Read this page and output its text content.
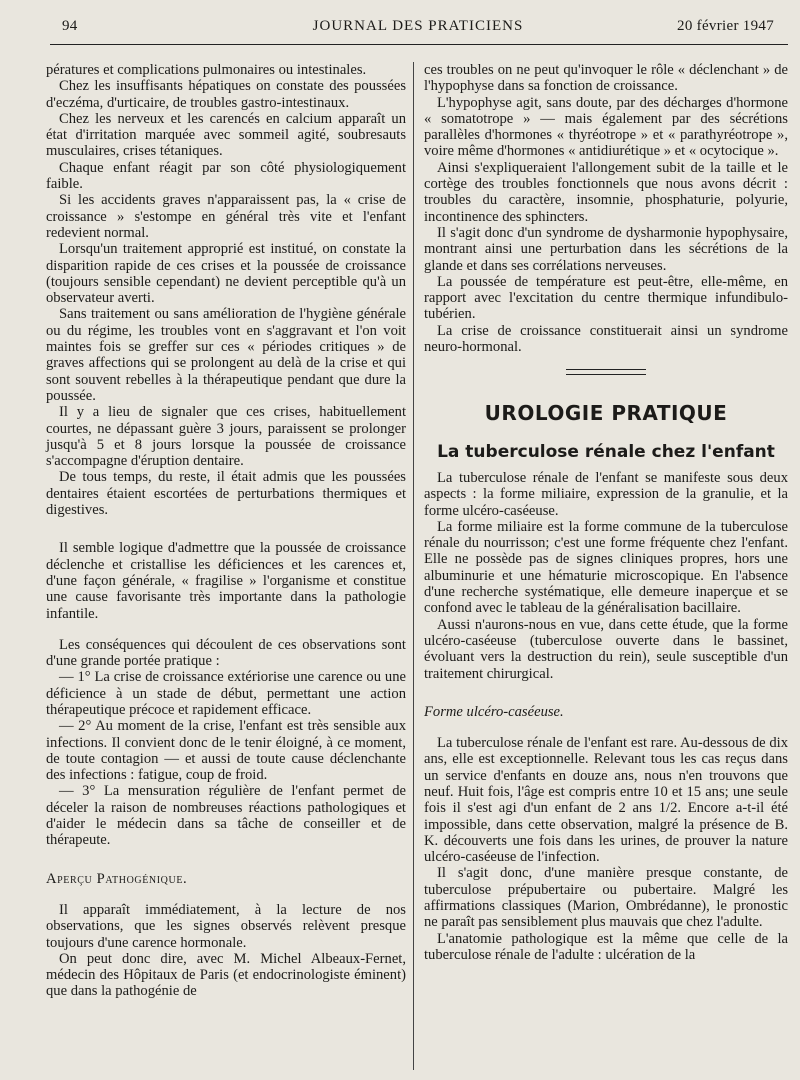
94	JOURNAL DES PRATICIENS	20 février 1947

pératures et complications pulmonaires ou intestinales.

Chez les insuffisants hépatiques on constate des poussées d'eczéma, d'urticaire, de troubles gastro-intestinaux.

Chez les nerveux et les carencés en calcium apparaît un état d'irritation marquée avec sommeil agité, soubresauts musculaires, crises tétaniques.

Chaque enfant réagit par son côté physiologiquement faible.

Si les accidents graves n'apparaissent pas, la « crise de croissance » s'estompe en général très vite et l'enfant redevient normal.

Lorsqu'un traitement approprié est institué, on constate la disparition rapide de ces crises et la poussée de croissance (toujours sensible cependant) ne devient perceptible qu'à un observateur averti.

Sans traitement ou sans amélioration de l'hygiène générale ou du régime, les troubles vont en s'aggravant et l'on voit maintes fois se greffer sur ces « périodes critiques » de graves affections qui se prolongent au delà de la crise et qui sont souvent rebelles à la thérapeutique pendant que dure la poussée.

Il y a lieu de signaler que ces crises, habituellement courtes, ne dépassant guère 3 jours, paraissent se prolonger jusqu'à 5 et 8 jours lorsque la poussée de croissance s'accompagne d'éruption dentaire.

De tous temps, du reste, il était admis que les poussées dentaires étaient escortées de perturbations thermiques et digestives.

Il semble logique d'admettre que la poussée de croissance déclenche et cristallise les déficiences et les carences et, d'une façon générale, « fragilise » l'organisme et constitue une cause favorisante très importante dans la pathologie infantile.

Les conséquences qui découlent de ces observations sont d'une grande portée pratique :

— 1° La crise de croissance extériorise une carence ou une déficience à un stade de début, permettant une action thérapeutique précoce et rapidement efficace.

— 2° Au moment de la crise, l'enfant est très sensible aux infections. Il convient donc de le tenir éloigné, à ce moment, de toute contagion — et aussi de toute cause déclenchante des infections : fatigue, coup de froid.

— 3° La mensuration régulière de l'enfant permet de déceler la raison de nombreuses réactions pathologiques et d'aider le médecin dans sa tâche de conseiller et de thérapeute.

Aperçu Pathogénique.

Il apparaît immédiatement, à la lecture de nos observations, que les signes observés relèvent presque toujours d'une carence hormonale.

On peut donc dire, avec M. Michel Albeaux-Fernet, médecin des Hôpitaux de Paris (et endocrinologiste éminent) que dans la pathogénie de

ces troubles on ne peut qu'invoquer le rôle « déclenchant » de l'hypophyse dans sa fonction de croissance.

L'hypophyse agit, sans doute, par des décharges d'hormone « somatotrope » — mais également par des sécrétions parallèles d'hormones « thyréotrope » et « parathyréotrope », voire même d'hormones « antidiurétique » et « ocytocique ».

Ainsi s'expliqueraient l'allongement subit de la taille et le cortège des troubles fonctionnels que nous avons décrit : troubles du caractère, insomnie, phosphaturie, polyurie, incontinence des sphincters.

Il s'agit donc d'un syndrome de dysharmonie hypophysaire, montrant ainsi une perturbation dans les sécrétions de la glande et dans ses corrélations nerveuses.

La poussée de température est peut-être, elle-même, en rapport avec l'excitation du centre thermique infundibulo-tubérien.

La crise de croissance constituerait ainsi un syndrome neuro-hormonal.

UROLOGIE PRATIQUE
La tuberculose rénale chez l'enfant

La tuberculose rénale de l'enfant se manifeste sous deux aspects : la forme miliaire, expression de la granulie, et la forme ulcéro-caséeuse.

La forme miliaire est la forme commune de la tuberculose rénale du nourrisson; c'est une forme fréquente chez l'enfant. Elle ne possède pas de signes cliniques propres, hors une albuminurie et une hématurie microscopique. En l'absence d'une recherche systématique, elle demeure inaperçue et se confond avec le tableau de la généralisation bacillaire.

Aussi n'aurons-nous en vue, dans cette étude, que la forme ulcéro-caséeuse (tuberculose ouverte dans le bassinet, évoluant vers la destruction du rein), seule susceptible d'un traitement chirurgical.

Forme ulcéro-caséeuse.

La tuberculose rénale de l'enfant est rare. Au-dessous de dix ans, elle est exceptionnelle. Relevant tous les cas reçus dans un service d'enfants en douze ans, nous n'en trouvons que neuf. Huit fois, l'âge est compris entre 10 et 15 ans; une seule fois il s'est agi d'un enfant de 2 ans 1/2. Encore a-t-il été impossible, dans cette observation, malgré la présence de B. K. découverts une fois dans les urines, de prouver la nature ulcéro-caséeuse de l'infection.

Il s'agit donc, d'une manière presque constante, de tuberculose prépubertaire ou pubertaire. Malgré les affirmations classiques (Marion, Ombrédanne), le pronostic ne paraît pas sensiblement plus mauvais que chez l'adulte.

L'anatomie pathologique est la même que celle de la tuberculose rénale de l'adulte : ulcération de la
